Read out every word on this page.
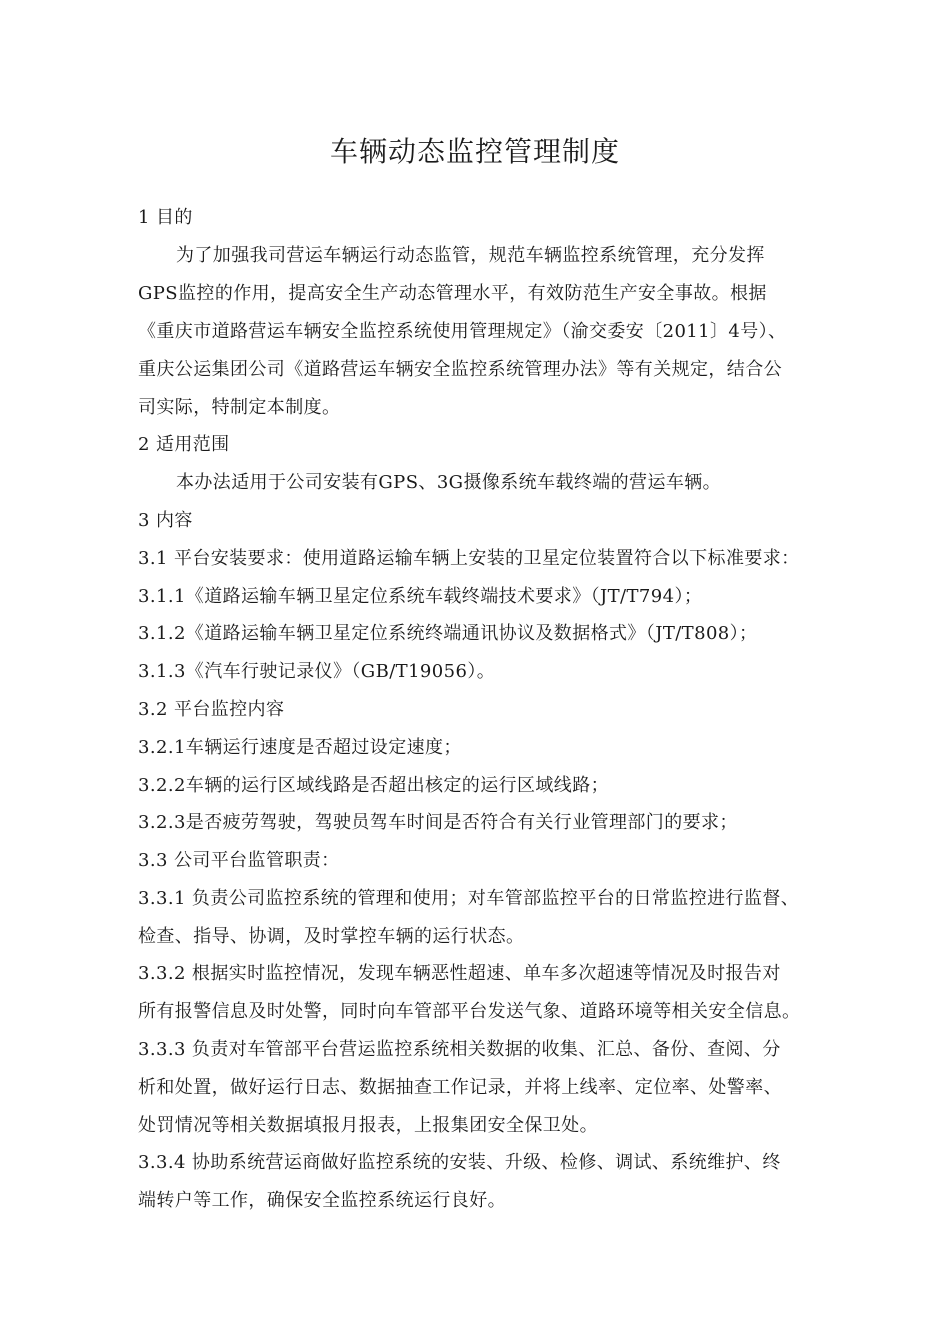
车辆动态监控管理制度
1 目的
为了加强我司营运车辆运行动态监管，规范车辆监控系统管理，充分发挥
GPS监控的作用，提高安全生产动态管理水平，有效防范生产安全事故。根据
《重庆市道路营运车辆安全监控系统使用管理规定》（渝交委安〔2011〕4号）、
重庆公运集团公司《道路营运车辆安全监控系统管理办法》等有关规定，结合公
司实际，特制定本制度。
2 适用范围
本办法适用于公司安装有GPS、3G摄像系统车载终端的营运车辆。
3 内容
3.1 平台安装要求：使用道路运输车辆上安装的卫星定位装置符合以下标准要求：
3.1.1《道路运输车辆卫星定位系统车载终端技术要求》（JT/T794）；
3.1.2《道路运输车辆卫星定位系统终端通讯协议及数据格式》（JT/T808）；
3.1.3《汽车行驶记录仪》（GB/T19056）。
3.2 平台监控内容
3.2.1车辆运行速度是否超过设定速度；
3.2.2车辆的运行区域线路是否超出核定的运行区域线路；
3.2.3是否疲劳驾驶，驾驶员驾车时间是否符合有关行业管理部门的要求；
3.3 公司平台监管职责：
3.3.1 负责公司监控系统的管理和使用；对车管部监控平台的日常监控进行监督、
检查、指导、协调，及时掌控车辆的运行状态。
3.3.2 根据实时监控情况，发现车辆恶性超速、单车多次超速等情况及时报告对
所有报警信息及时处警，同时向车管部平台发送气象、道路环境等相关安全信息。
3.3.3 负责对车管部平台营运监控系统相关数据的收集、汇总、备份、查阅、分
析和处置，做好运行日志、数据抽查工作记录，并将上线率、定位率、处警率、
处罚情况等相关数据填报月报表，上报集团安全保卫处。
3.3.4 协助系统营运商做好监控系统的安装、升级、检修、调试、系统维护、终
端转户等工作，确保安全监控系统运行良好。
